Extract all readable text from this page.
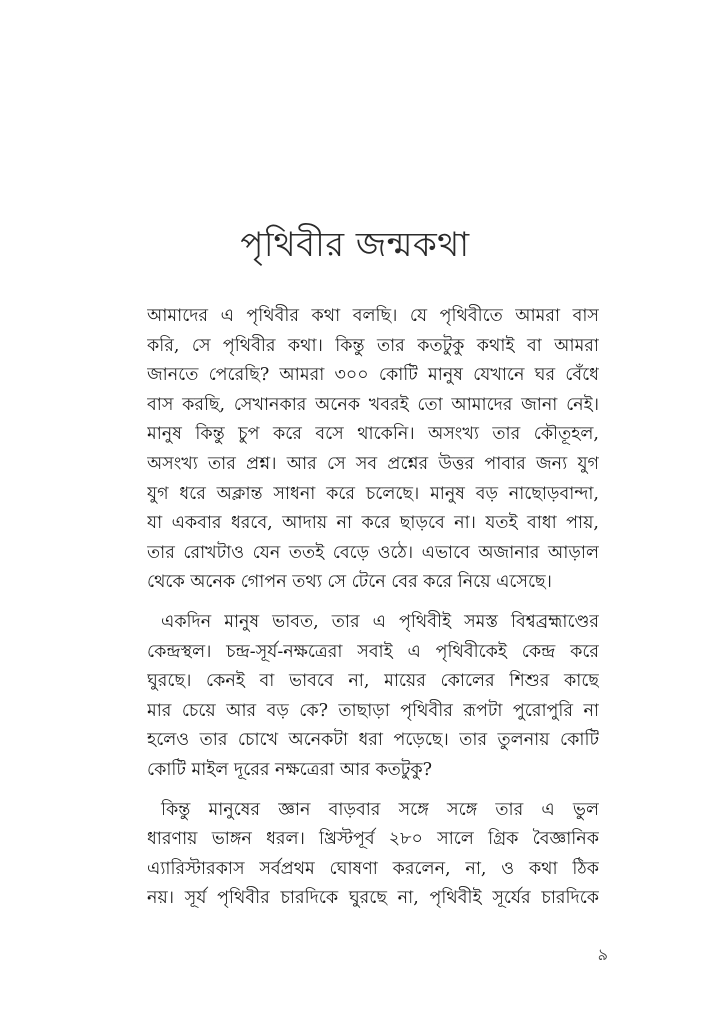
পৃথিবীর জন্মকথা

আমাদের এ পৃথিবীর কথা বলছি। যে পৃথিবীতে আমরা বাস
করি, সে পৃথিবীর কথা। কিন্তু তার কতটুকু কথাই বা আমরা
জানতে পেরেছি? আমরা ৩০০ কোটি মানুষ যেখানে ঘর বেঁধে
বাস করছি, সেখানকার অনেক খবরই তো আমাদের জানা নেই।
মানুষ কিন্তু চুপ করে বসে থাকেনি। অসংখ্য তার কৌতূহল,
অসংখ্য তার প্রশ্ন। আর সে সব প্রশ্নের উত্তর পাবার জন্য যুগ
যুগ ধরে অক্লান্ত সাধনা করে চলেছে। মানুষ বড় নাছোড়বান্দা,
যা একবার ধরবে, আদায় না করে ছাড়বে না। যতই বাধা পায়,
তার রোখটাও যেন ততই বেড়ে ওঠে। এভাবে অজানার আড়াল
থেকে অনেক গোপন তথ্য সে টেনে বের করে নিয়ে এসেছে।

একদিন মানুষ ভাবত, তার এ পৃথিবীই সমস্ত বিশ্বব্রহ্মাণ্ডের
কেন্দ্রস্থল। চন্দ্র-সূর্য-নক্ষত্রেরা সবাই এ পৃথিবীকেই কেন্দ্র করে
ঘুরছে। কেনই বা ভাববে না, মায়ের কোলের শিশুর কাছে
মার চেয়ে আর বড় কে? তাছাড়া পৃথিবীর রূপটা পুরোপুরি না
হলেও তার চোখে অনেকটা ধরা পড়েছে। তার তুলনায় কোটি
কোটি মাইল দূরের নক্ষত্রেরা আর কতটুকু?

কিন্তু মানুষের জ্ঞান বাড়বার সঙ্গে সঙ্গে তার এ ভুল
ধারণায় ভাঙ্গন ধরল। খ্রিস্টপূর্ব ২৮০ সালে গ্রিক বৈজ্ঞানিক
এ্যারিস্টারকাস সর্বপ্রথম ঘোষণা করলেন, না, ও কথা ঠিক
নয়। সূর্য পৃথিবীর চারদিকে ঘুরছে না, পৃথিবীই সূর্যের চারদিকে

৯
